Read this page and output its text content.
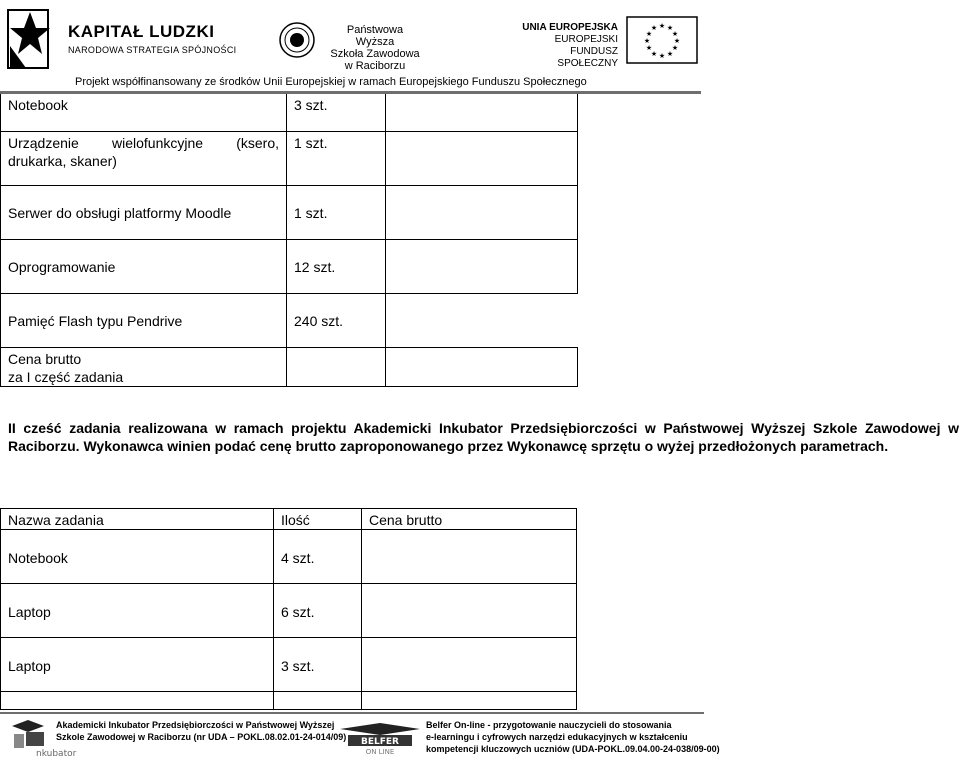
KAPITAŁ LUDZKI
NARODOWA STRATEGIA SPÓJNOŚCI
Państwowa Wyższa
Szkoła Zawodowa
w Raciborzu
UNIA EUROPEJSKA
EUROPEJSKI
FUNDUSZ SPOŁECZNY
★ ★
★
★
★
★
★
★
★
★
★
★
Projekt współfinansowany ze środków Unii Europejskiej w ramach Europejskiego Funduszu Społecznego
Notebook	3 szt.	

Urządzenie wielofunkcyjne (ksero,
drukarka, skaner)	1 szt.	
Serwer do obsługi platformy Moodle	1 szt.	
Oprogramowanie	12 szt.	
Pamięć Flash typu Pendrive	240 szt.	

Cena brutto
za I część zadania		

II cześć zadania realizowana w ramach projektu Akademicki Inkubator Przedsiębiorczości w Państwowej Wyższej Szkole Zawodowej w Raciborzu. Wykonawca winien podać cenę brutto zaproponowanego przez Wykonawcę sprzętu o wyżej przedłożonych parametrach.
Nazwa zadania	Ilość	Cena brutto
Notebook	4 szt.	
Laptop	6 szt.	
Laptop	3 szt.	

nkubator
Akademicki Inkubator Przedsiębiorczości w Państwowej Wyższej
Szkole Zawodowej w Raciborzu (nr UDA – POKL.08.02.01-24-014/09) BELFER
ON LINE
Belfer On-line - przygotowanie nauczycieli do stosowania
e-learningu i cyfrowych narzędzi edukacyjnych w kształceniu
kompetencji kluczowych uczniów (UDA-POKL.09.04.00-24-038/09-00)
